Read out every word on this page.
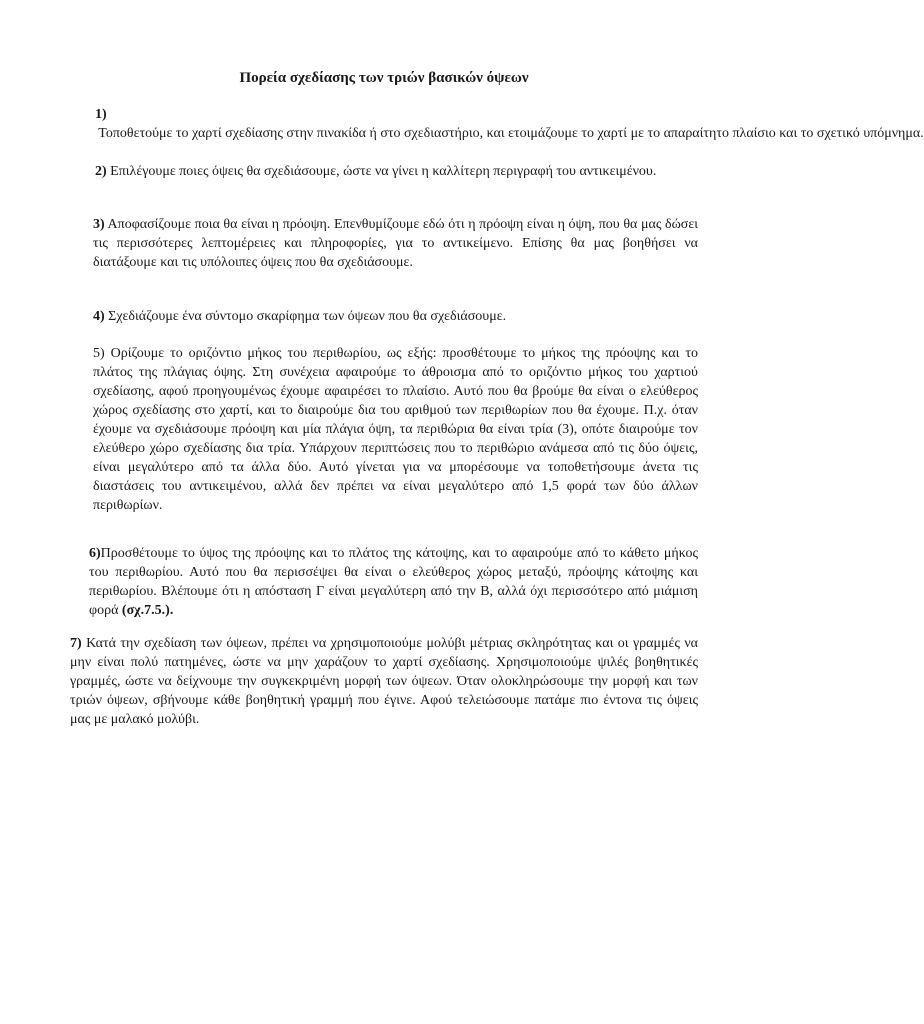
Πορεία σχεδίασης των τριών βασικών όψεων

1) Τοποθετούμε το χαρτί σχεδίασης στην πινακίδα ή στο σχεδιαστήριο, και ετοιμάζουμε το χαρτί με το απαραίτητο πλαίσιο και το σχετικό υπόμνημα.

2) Επιλέγουμε ποιες όψεις θα σχεδιάσουμε, ώστε να γίνει η καλλίτερη περιγραφή του αντικειμένου.

3) Αποφασίζουμε ποια θα είναι η πρόοψη. Επενθυμίζουμε εδώ ότι η πρόοψη είναι η όψη, που θα μας δώσει τις περισσότερες λεπτομέρειες και πληροφορίες, για το αντικείμενο. Επίσης θα μας βοηθήσει να διατάξουμε και τις υπόλοιπες όψεις που θα σχεδιάσουμε.

4) Σχεδιάζουμε ένα σύντομο σκαρίφημα των όψεων που θα σχεδιάσουμε.

5) Ορίζουμε το οριζόντιο μήκος του περιθωρίου, ως εξής: προσθέτουμε το μήκος της πρόοψης και το πλάτος της πλάγιας όψης. Στη συνέχεια αφαιρούμε το άθροισμα από το οριζόντιο μήκος του χαρτιού σχεδίασης, αφού προηγουμένως έχουμε αφαιρέσει το πλαίσιο. Αυτό που θα βρούμε θα είναι ο ελεύθερος χώρος σχεδίασης στο χαρτί, και το διαιρούμε δια του αριθμού των περιθωρίων που θα έχουμε. Π.χ. όταν έχουμε να σχεδιάσουμε πρόοψη και μία πλάγια όψη, τα περιθώρια θα είναι τρία (3), οπότε διαιρούμε τον ελεύθερο χώρο σχεδίασης δια τρία. Υπάρχουν περιπτώσεις που το περιθώριο ανάμεσα από τις δύο όψεις, είναι μεγαλύτερο από τα άλλα δύο. Αυτό γίνεται για να μπορέσουμε να τοποθετήσουμε άνετα τις διαστάσεις του αντικειμένου, αλλά δεν πρέπει να είναι μεγαλύτερο από 1,5 φορά των δύο άλλων περιθωρίων.

6)Προσθέτουμε το ύψος της πρόοψης και το πλάτος της κάτοψης, και το αφαιρούμε από το κάθετο μήκος του περιθωρίου. Αυτό που θα περισσέψει θα είναι ο ελεύθερος χώρος μεταξύ, πρόοψης κάτοψης και περιθωρίου. Βλέπουμε ότι η απόσταση Γ είναι μεγαλύτερη από την Β, αλλά όχι περισσότερο από μιάμιση φορά (σχ.7.5.).

7) Κατά την σχεδίαση των όψεων, πρέπει να χρησιμοποιούμε μολύβι μέτριας σκληρότητας και οι γραμμές να μην είναι πολύ πατημένες, ώστε να μην χαράζουν το χαρτί σχεδίασης. Χρησιμοποιούμε ψιλές βοηθητικές γραμμές, ώστε να δείχνουμε την συγκεκριμένη μορφή των όψεων. Όταν ολοκληρώσουμε την μορφή και των τριών όψεων, σβήνουμε κάθε βοηθητική γραμμή που έγινε. Αφού τελειώσουμε πατάμε πιο έντονα τις όψεις μας με μαλακό μολύβι.
